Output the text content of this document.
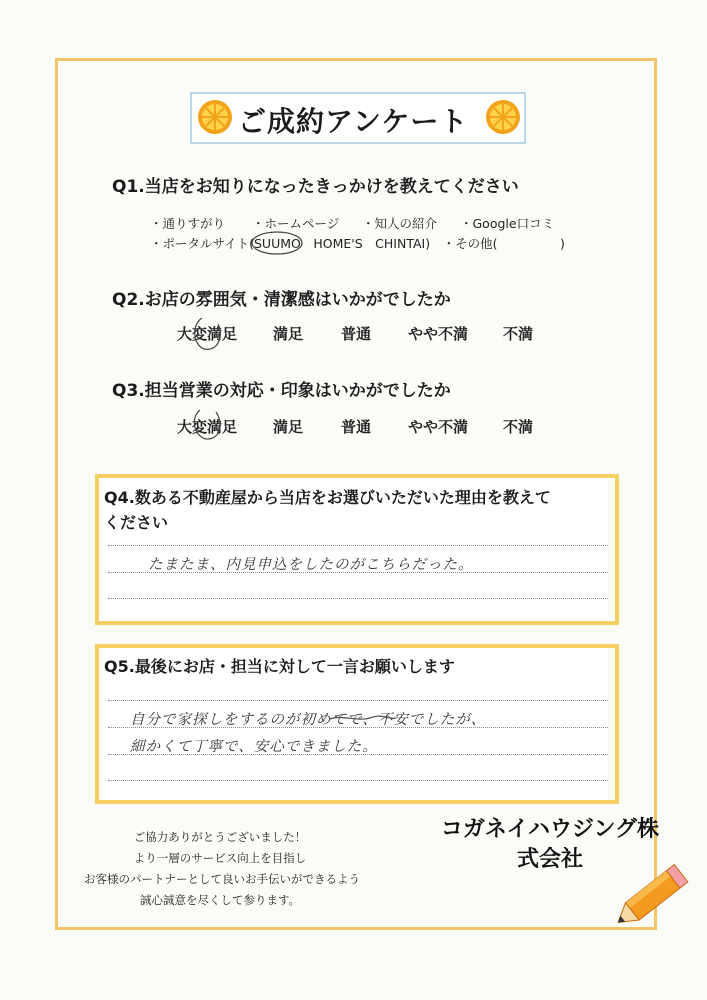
ご成約アンケート
Q1.当店をお知りになったきっかけを教えてください
・通りすがり ・ホームページ ・知人の紹介 ・Google口コミ
・ポータルサイト(SUUMO　HOME'S　CHINTAI)　・その他(　　　　　)
Q2.お店の雰囲気・清潔感はいかがでしたか
大変満足 満足	普通 やや不満 不満
Q3.担当営業の対応・印象はいかがでしたか
大変満足 満足	普通 やや不満 不満
Q4.数ある不動産屋から当店をお選びいただいた理由を教えて
ください
たまたま、内見申込をしたのがこちらだった。
Q5.最後にお店・担当に対して一言お願いします
自分で家探しをするのが初めてで、不安でしたが、
細かくて丁寧で、安心できました。
ご協力ありがとうございました！
より一層のサービス向上を目指し
お客様のパートナーとして良いお手伝いができるよう
誠心誠意を尽くして参ります。
コガネイハウジング株
式会社
